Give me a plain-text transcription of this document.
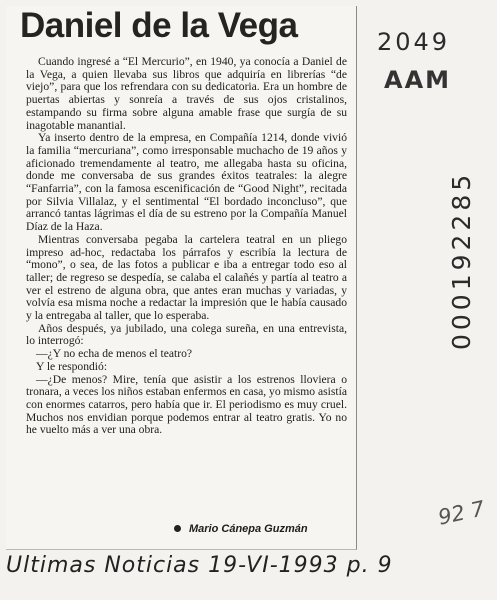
Daniel de la Vega

Cuando ingresé a “El Mercurio”, en 1940, ya conocía a Daniel de la Vega, a quien llevaba sus libros que adquiría en librerías “de viejo”, para que los refrendara con su dedicatoria. Era un hombre de puertas abiertas y sonreía a través de sus ojos cristalinos, estampando su firma sobre alguna amable frase que surgía de su inagotable manantial.

Ya inserto dentro de la empresa, en Compañía 1214, donde vivió la familia “mercuriana”, como irresponsable muchacho de 19 años y aficionado tremendamente al teatro, me allegaba hasta su oficina, donde me conversaba de sus grandes éxitos teatrales: la alegre “Fanfarria”, con la famosa escenificación de “Good Night”, recitada por Silvia Villalaz, y el sentimental “El bordado inconcluso”, que arrancó tantas lágrimas el día de su estreno por la Compañía Manuel Díaz de la Haza.

Mientras conversaba pegaba la cartelera teatral en un pliego impreso ad-hoc, redactaba los párrafos y escribía la lectura de “mono”, o sea, de las fotos a publicar e iba a entregar todo eso al taller; de regreso se despedía, se calaba el calañés y partía al teatro a ver el estreno de alguna obra, que antes eran muchas y variadas, y volvía esa misma noche a redactar la impresión que le había causado y la entregaba al taller, que lo esperaba.

Años después, ya jubilado, una colega sureña, en una entrevista, lo interrogó:

—¿Y no echa de menos el teatro?

Y le respondió:

—¿De menos? Mire, tenía que asistir a los estrenos lloviera o tronara, a veces los niños estaban enfermos en casa, yo mismo asistía con enormes catarros, pero había que ir. El periodismo es muy cruel. Muchos nos envidian porque podemos entrar al teatro gratis. Yo no he vuelto más a ver una obra.

Mario Cánepa Guzmán
2049
AAM
000192285
92 7
Ultimas Noticias 19-VI-1993 p. 9
